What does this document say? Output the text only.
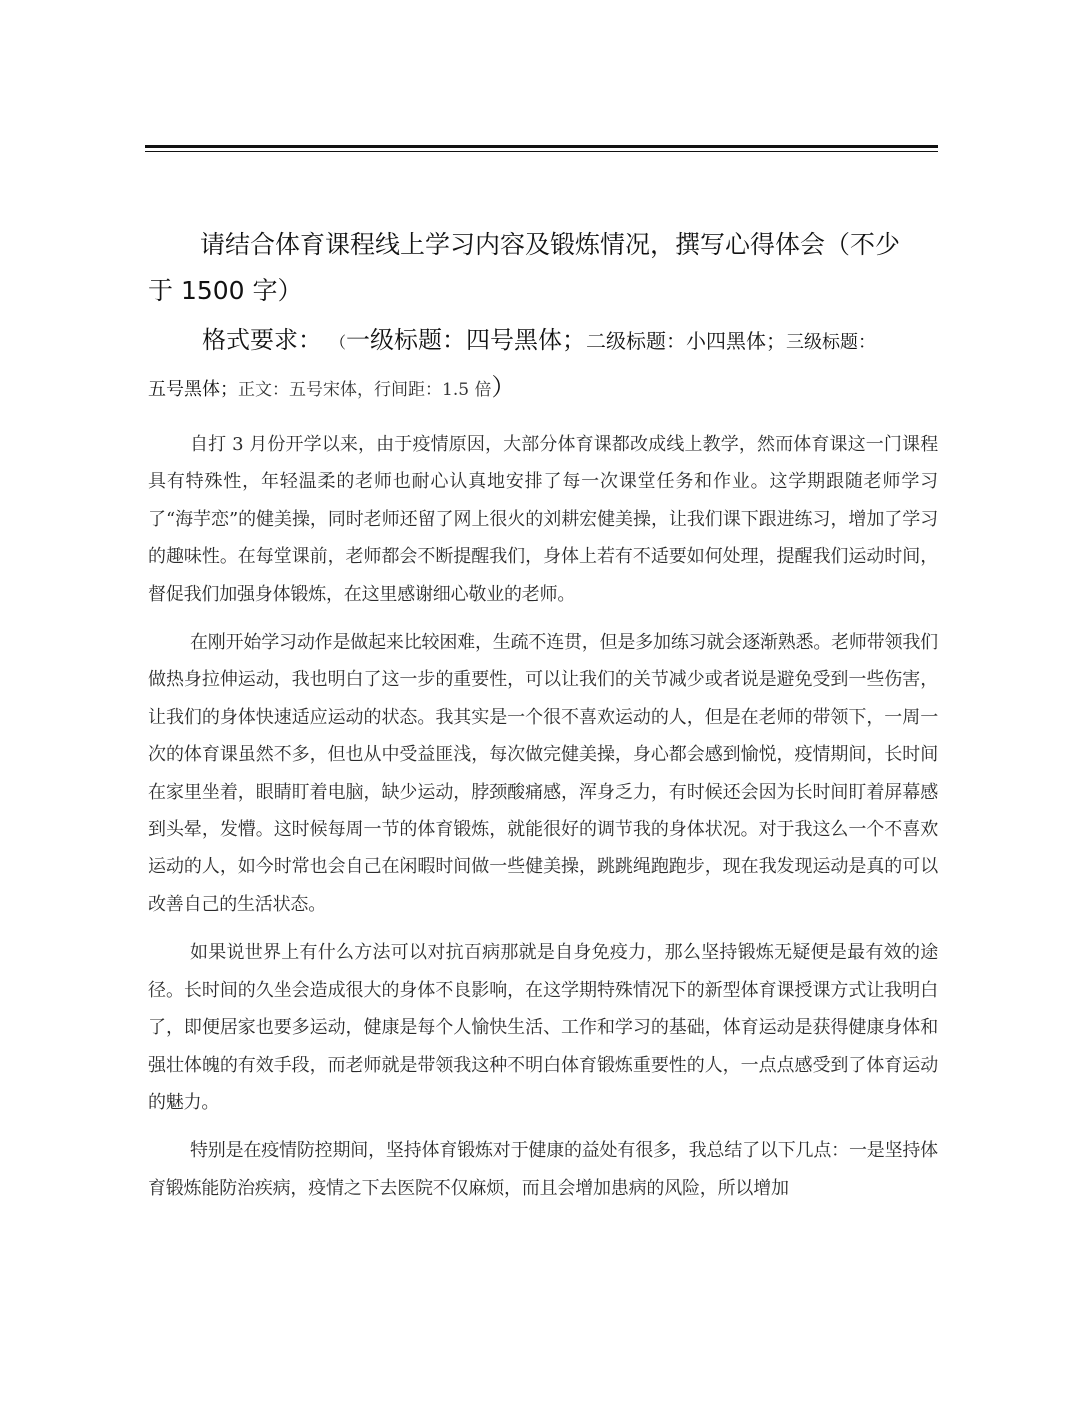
请结合体育课程线上学习内容及锻炼情况，撰写心得体会（不少
于 1500 字）

格式要求： （一级标题：四号黑体；二级标题：小四黑体；三级标题：
五号黑体；正文：五号宋体，行间距：1.5 倍）

自打 3 月份开学以来，由于疫情原因，大部分体育课都改成线上教学，然而体育课这一门课程具有特殊性，年轻温柔的老师也耐心认真地安排了每一次课堂任务和作业。这学期跟随老师学习了“海芋恋”的健美操，同时老师还留了网上很火的刘耕宏健美操，让我们课下跟进练习，增加了学习的趣味性。在每堂课前，老师都会不断提醒我们，身体上若有不适要如何处理，提醒我们运动时间，督促我们加强身体锻炼，在这里感谢细心敬业的老师。

在刚开始学习动作是做起来比较困难，生疏不连贯，但是多加练习就会逐渐熟悉。老师带领我们做热身拉伸运动，我也明白了这一步的重要性，可以让我们的关节减少或者说是避免受到一些伤害，让我们的身体快速适应运动的状态。我其实是一个很不喜欢运动的人，但是在老师的带领下，一周一次的体育课虽然不多，但也从中受益匪浅，每次做完健美操，身心都会感到愉悦，疫情期间，长时间在家里坐着，眼睛盯着电脑，缺少运动，脖颈酸痛感，浑身乏力，有时候还会因为长时间盯着屏幕感到头晕，发懵。这时候每周一节的体育锻炼，就能很好的调节我的身体状况。对于我这么一个不喜欢运动的人，如今时常也会自己在闲暇时间做一些健美操，跳跳绳跑跑步，现在我发现运动是真的可以改善自己的生活状态。

如果说世界上有什么方法可以对抗百病那就是自身免疫力，那么坚持锻炼无疑便是最有效的途径。长时间的久坐会造成很大的身体不良影响，在这学期特殊情况下的新型体育课授课方式让我明白了，即便居家也要多运动，健康是每个人愉快生活、工作和学习的基础，体育运动是获得健康身体和强壮体魄的有效手段，而老师就是带领我这种不明白体育锻炼重要性的人，一点点感受到了体育运动的魅力。

特别是在疫情防控期间，坚持体育锻炼对于健康的益处有很多，我总结了以下几点：一是坚持体育锻炼能防治疾病，疫情之下去医院不仅麻烦，而且会增加患病的风险，所以增加
